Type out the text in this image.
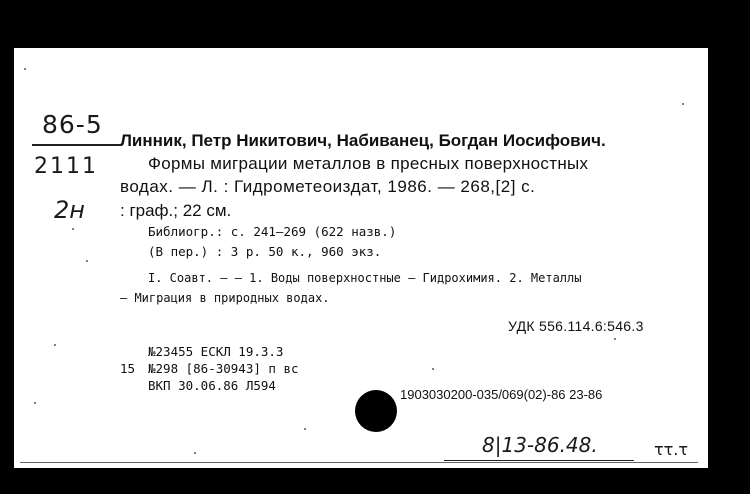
86-5
2111
2н
Линник, Петр Никитович, Набиванец, Богдан Иосифович.
Формы миграции металлов в пресных поверхностных
водах. — Л. : Гидрометеоиздат, 1986. — 268,[2] с.
: граф.; 22 см.
Библиогр.: с. 241—269 (622 назв.)
(В пер.) : 3 р. 50 к., 960 экз.
I. Соавт. — — 1. Воды поверхностные — Гидрохимия. 2. Металлы
— Миграция в природных водах.
УДК 556.114.6:546.3
№23455 ЕСКЛ 19.3.3
15 №298 [86-30943] п вс
ВКП 30.06.86 Л594
1903030200-035/069(02)-86 23-86
8|13-86.48.	ττ.τ
